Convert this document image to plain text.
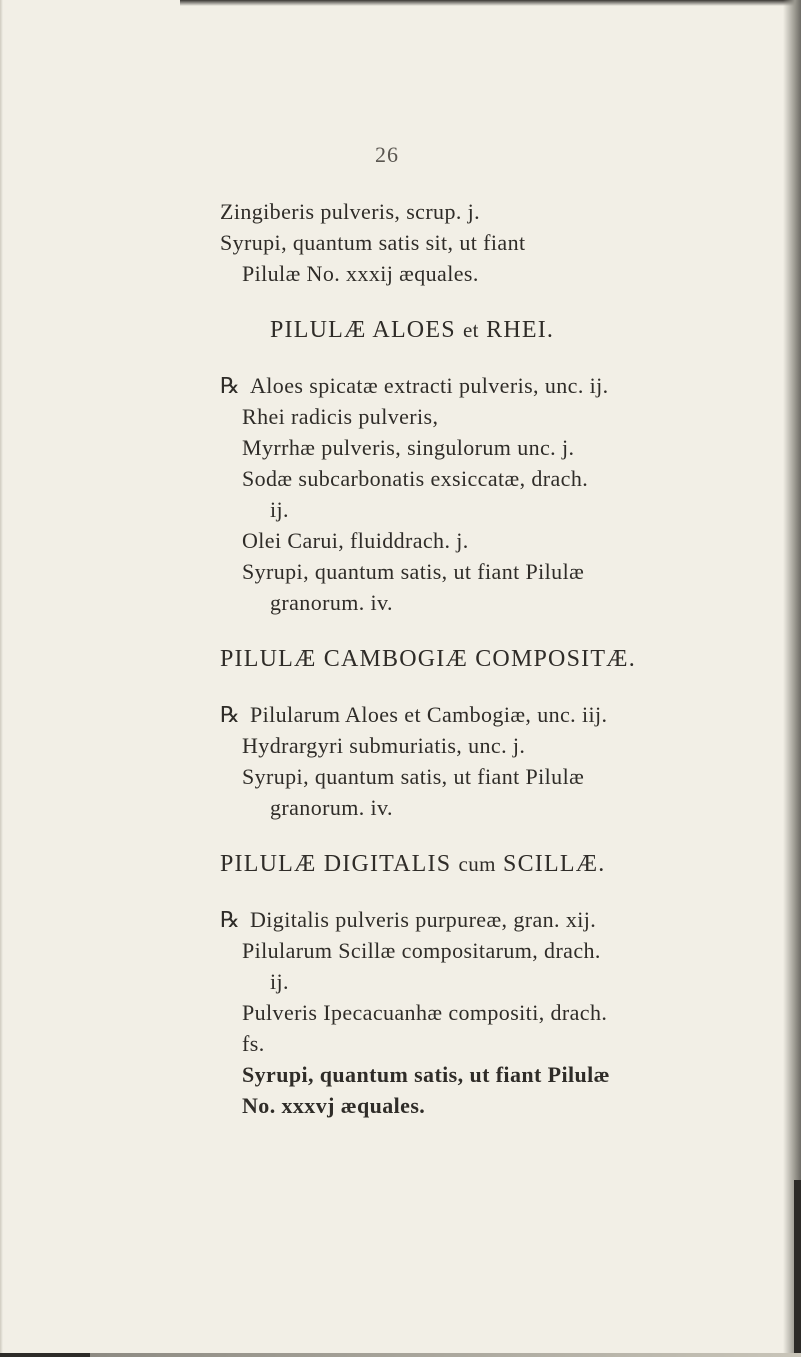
26
Zingiberis pulveris, scrup. j.
Syrupi, quantum satis sit, ut fiant
Pilulæ No. xxxij æquales.
PILULÆ ALOES et RHEI.
℞ Aloes spicatæ extracti pulveris, unc. ij.
Rhei radicis pulveris,
Myrrhæ pulveris, singulorum unc. j.
Sodæ subcarbonatis exsiccatæ, drach.
ij.
Olei Carui, fluiddrach. j.
Syrupi, quantum satis, ut fiant Pilulæ
granorum. iv.
PILULÆ CAMBOGIÆ COMPOSITÆ.
℞ Pilularum Aloes et Cambogiæ, unc. iij.
Hydrargyri submuriatis, unc. j.
Syrupi, quantum satis, ut fiant Pilulæ
granorum. iv.
PILULÆ DIGITALIS cum SCILLÆ.
℞ Digitalis pulveris purpureæ, gran. xij.
Pilularum Scillæ compositarum, drach.
ij.
Pulveris Ipecacuanhæ compositi, drach.
fs.
Syrupi, quantum satis, ut fiant Pilulæ
No. xxxvj æquales.
